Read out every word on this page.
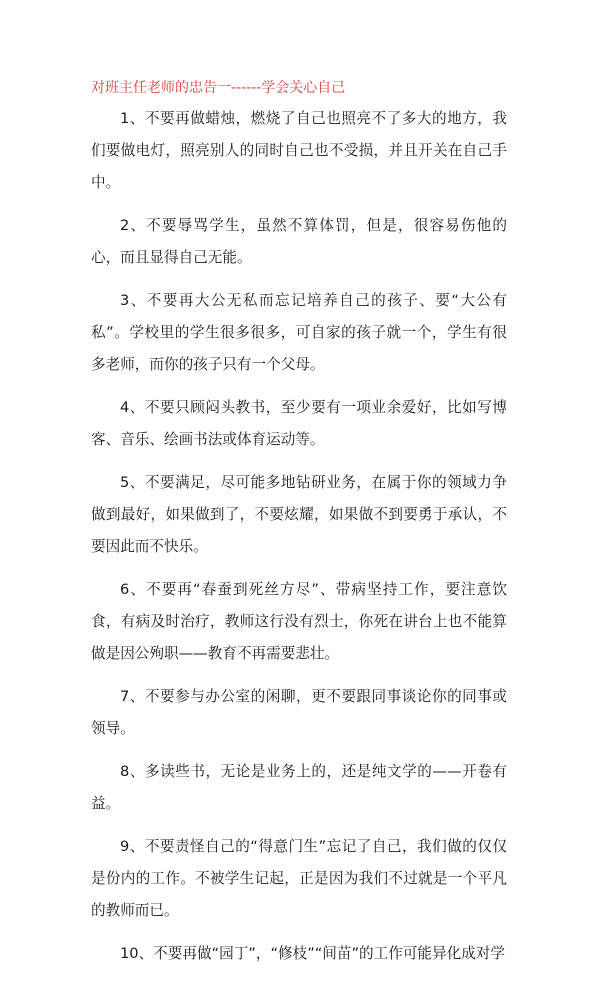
对班主任老师的忠告一------学会关心自己

1、不要再做蜡烛，燃烧了自己也照亮不了多大的地方，我们要做电灯，照亮别人的同时自己也不受损，并且开关在自己手中。

2、不要辱骂学生，虽然不算体罚，但是，很容易伤他的心，而且显得自己无能。

3、不要再大公无私而忘记培养自己的孩子、要“大公有私”。学校里的学生很多很多，可自家的孩子就一个，学生有很多老师，而你的孩子只有一个父母。

4、不要只顾闷头教书，至少要有一项业余爱好，比如写博客、音乐、绘画书法或体育运动等。

5、不要满足，尽可能多地钻研业务，在属于你的领域力争做到最好，如果做到了，不要炫耀，如果做不到要勇于承认，不要因此而不快乐。

6、不要再“春蚕到死丝方尽”、带病坚持工作，要注意饮食，有病及时治疗，教师这行没有烈士，你死在讲台上也不能算做是因公殉职——教育不再需要悲壮。

7、不要参与办公室的闲聊，更不要跟同事谈论你的同事或领导。

8、多读些书，无论是业务上的，还是纯文学的——开卷有益。

9、不要责怪自己的“得意门生”忘记了自己，我们做的仅仅是份内的工作。不被学生记起，正是因为我们不过就是一个平凡的教师而已。

10、不要再做“园丁”，“修枝”“间苗”的工作可能异化成对学
